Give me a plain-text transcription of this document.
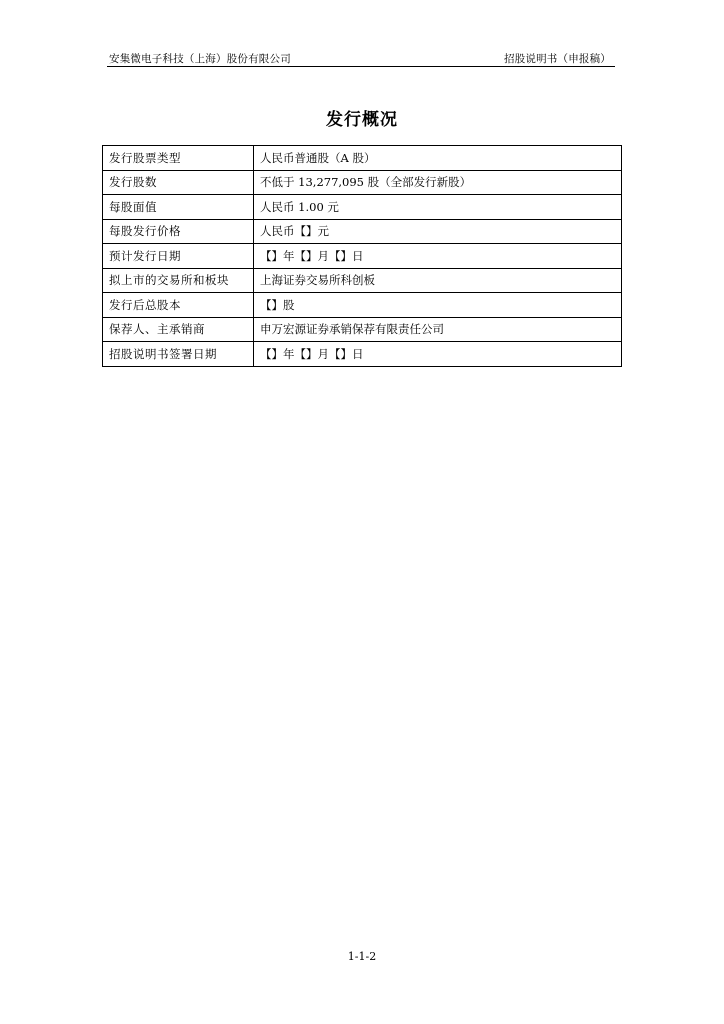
安集微电子科技（上海）股份有限公司	招股说明书（申报稿）
发行概况
发行股票类型	人民币普通股（A 股）
发行股数	不低于 13,277,095 股（全部发行新股）
每股面值	人民币 1.00 元
每股发行价格	人民币【】元
预计发行日期	【】年【】月【】日
拟上市的交易所和板块	上海证券交易所科创板
发行后总股本	【】股
保荐人、主承销商	申万宏源证券承销保荐有限责任公司
招股说明书签署日期	【】年【】月【】日
1-1-2
